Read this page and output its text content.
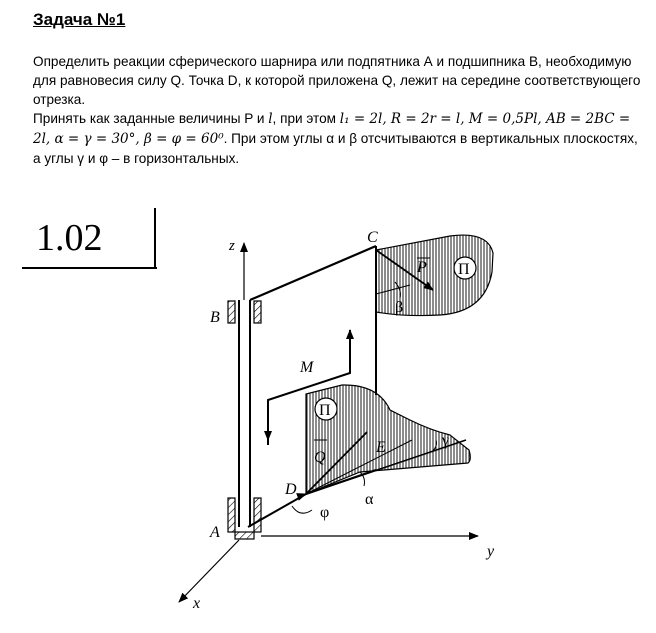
Задача №1

Определить реакции сферического шарнира или подпятника А и подшипника В, необходимую для равновесия силу Q. Точка D, к которой приложена Q, лежит на середине соответствующего отрезка.

Принять как заданные величины P и l, при этом l₁ = 2l, R = 2r = l, M = 0,5Pl, AB = 2BC = 2l, α = γ = 30°, β = φ = 60⁰. При этом углы α и β отсчитываются в вертикальных плоскостях, а углы γ и φ – в горизонтальных.

1.02
П
П
z
B
A
y
x
M
P
β
C
Q
E	γ
α
D
φ
